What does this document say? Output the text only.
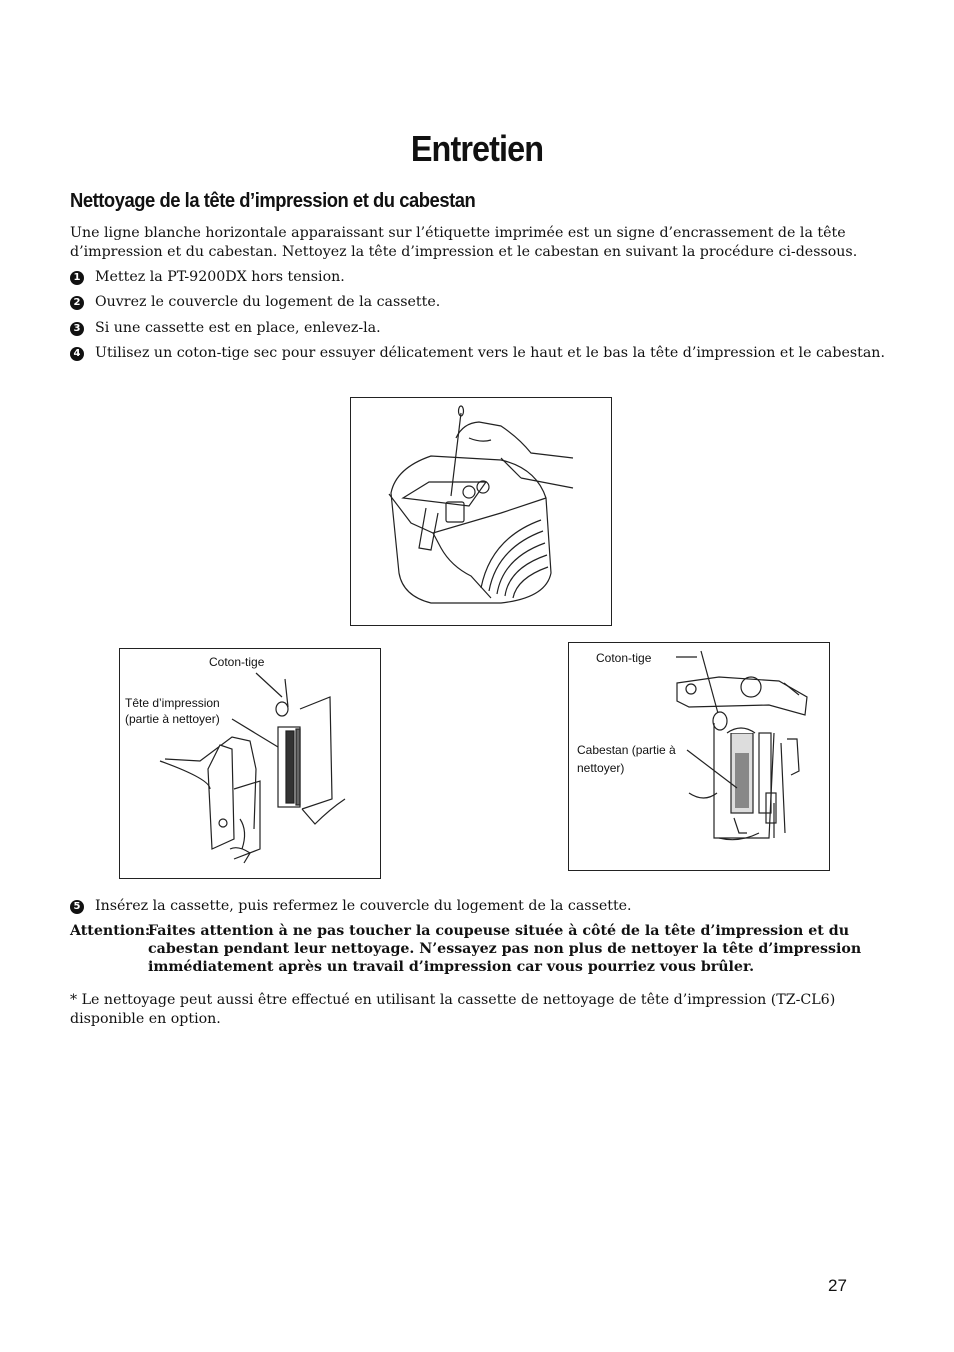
Entretien
Nettoyage de la tête d’impression et du cabestan
Une ligne blanche horizontale apparaissant sur l’étiquette imprimée est un signe d’encrassement de la tête d’impression et du cabestan. Nettoyez la tête d’impression et le cabestan en suivant la procédure ci-dessous.
1 Mettez la PT-9200DX hors tension.
2 Ouvrez le couvercle du logement de la cassette.
3 Si une cassette est en place, enlevez-la.
4 Utilisez un coton-tige sec pour essuyer délicatement vers le haut et le bas la tête d’impression et le cabestan.
Coton-tige
Tête d’impression
(partie à nettoyer)
Coton-tige
Cabestan (partie à
nettoyer)
5 Insérez la cassette, puis refermez le couvercle du logement de la cassette.
Attention:
Faites attention à ne pas toucher la coupeuse située à côté de la tête d’impression et du cabestan pendant leur nettoyage. N’essayez pas non plus de nettoyer la tête d’impression immédiatement après un travail d’impression car vous pourriez vous brûler.
* Le nettoyage peut aussi être effectué en utilisant la cassette de nettoyage de tête d’impression (TZ-CL6) disponible en option.
27
